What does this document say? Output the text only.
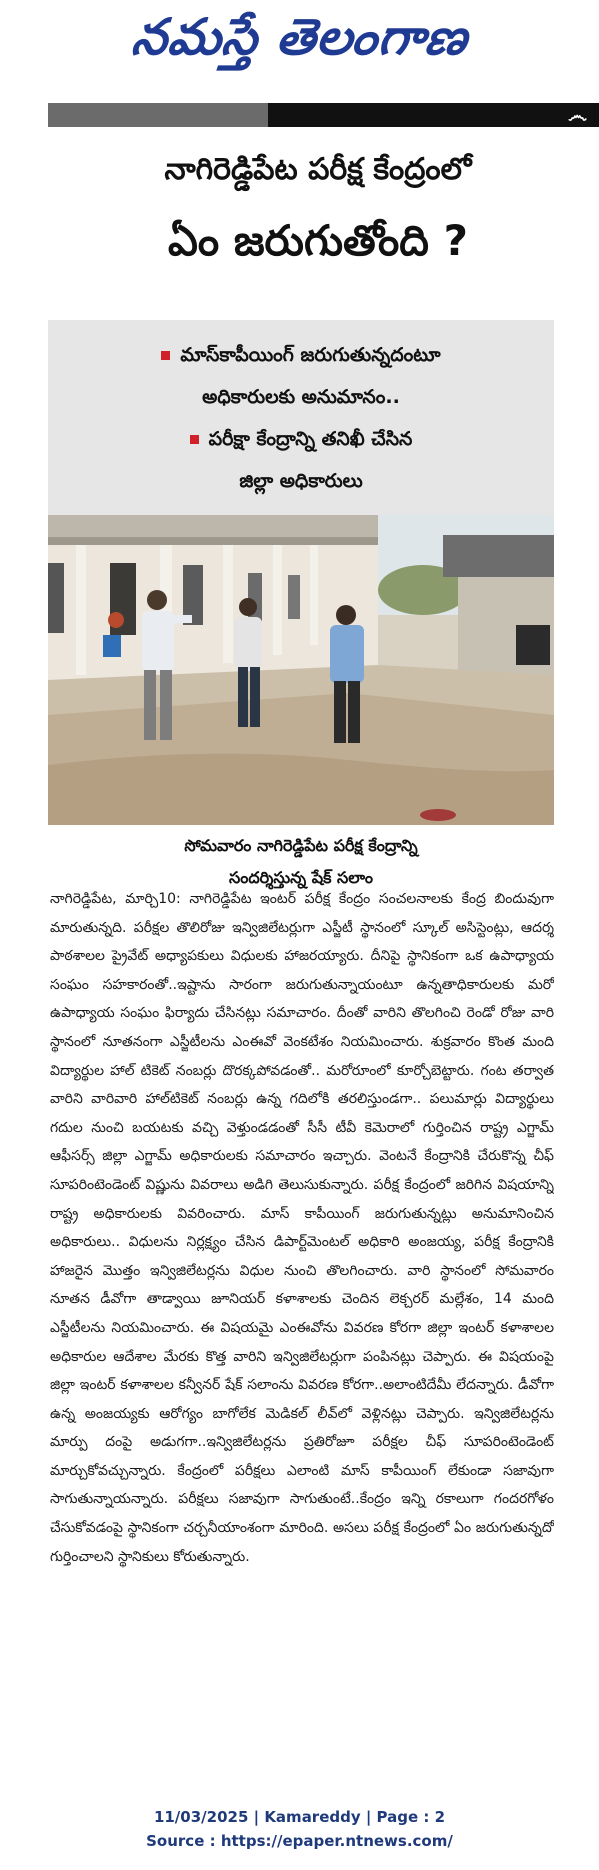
నమస్తే తెలంగాణ
෴
నాగిరెడ్డిపేట పరీక్ష కేంద్రంలో
ఏం జరుగుతోంది ?
మాస్‌కాపీయింగ్ జరుగుతున్నదంటూ
అధికారులకు అనుమానం..
పరీక్షా కేంద్రాన్ని తనిఖీ చేసిన
జిల్లా అధికారులు
సోమవారం నాగిరెడ్డిపేట పరీక్ష కేంద్రాన్ని
సందర్శిస్తున్న షేక్ సలాం
నాగిరెడ్డిపేట, మార్చి10: నాగిరెడ్డిపేట ఇంటర్ పరీక్ష కేంద్రం సంచలనాలకు కేంద్ర బిందువుగా మారుతున్నది. పరీక్షల తొలిరోజు ఇన్విజిలేటర్లుగా ఎస్జీటీ స్థానంలో స్కూల్ అసిస్టెంట్లు, ఆదర్శ పాఠశాలల ప్రైవేట్ అధ్యాపకులు విధులకు హాజరయ్యారు. దీనిపై స్థానికంగా ఒక ఉపాధ్యాయ సంఘం సహకారంతో..ఇష్టాను సారంగా జరుగుతున్నాయంటూ ఉన్నతాధికారులకు మరో ఉపాధ్యాయ సంఘం ఫిర్యాదు చేసినట్లు సమాచారం. దీంతో వారిని తొలగించి రెండో రోజు వారి స్థానంలో నూతనంగా ఎస్జీటీలను ఎంఈవో వెంకటేశం నియమించారు. శుక్రవారం కొంత మంది విద్యార్థుల హాల్ టికెట్ నంబర్లు దొరక్కపోవడంతో.. మరోరూంలో కూర్చోబెట్టారు. గంట తర్వాత వారిని వారివారి హాల్‌టికెట్ నంబర్లు ఉన్న గదిలోకి తరలిస్తుండగా.. పలుమార్లు విద్యార్థులు గదుల నుంచి బయటకు వచ్చి వెళ్తుండడంతో సీసీ టీవీ కెమెరాలో గుర్తించిన రాష్ట్ర ఎగ్జామ్ ఆఫీసర్స్ జిల్లా ఎగ్జామ్ అధికారులకు సమాచారం ఇచ్చారు. వెంటనే కేంద్రానికి చేరుకొన్న చీఫ్ సూపరింటెండెంట్ విష్ణును వివరాలు అడిగి తెలుసుకున్నారు. పరీక్ష కేంద్రంలో జరిగిన విషయాన్ని రాష్ట్ర అధికారులకు వివరించారు. మాస్ కాపీయింగ్ జరుగుతున్నట్లు అనుమానించిన అధికారులు.. విధులను నిర్లక్ష్యం చేసిన డిపార్ట్‌మెంటల్ అధికారి అంజయ్య, పరీక్ష కేంద్రానికి హాజరైన మొత్తం ఇన్విజిలేటర్లను విధుల నుంచి తొలగించారు. వారి స్థానంలో సోమవారం నూతన డీవోగా తాడ్వాయి జూనియర్ కళాశాలకు చెందిన లెక్చరర్ మల్లేశం, 14 మంది ఎస్జీటీలను నియమించారు. ఈ విషయమై ఎంఈవోను వివరణ కోరగా జిల్లా ఇంటర్ కళాశాలల అధికారుల ఆదేశాల మేరకు కొత్త వారిని ఇన్విజిలేటర్లుగా పంపినట్లు చెప్పారు. ఈ విషయంపై జిల్లా ఇంటర్ కళాశాలల కన్వీనర్ షేక్ సలాంను వివరణ కోరగా..అలాంటిదేమీ లేదన్నారు. డీవోగా ఉన్న అంజయ్యకు ఆరోగ్యం బాగోలేక మెడికల్ లీవ్‌లో వెళ్లినట్లు చెప్పారు. ఇన్విజిలేటర్లను మార్పు దంపై అడుగగా..ఇన్విజిలేటర్లను ప్రతిరోజూ పరీక్షల చీఫ్ సూపరింటెండెంట్ మార్చుకోవచ్చున్నారు. కేంద్రంలో పరీక్షలు ఎలాంటి మాస్ కాపీయింగ్ లేకుండా సజావుగా సాగుతున్నాయన్నారు. పరీక్షలు సజావుగా సాగుతుంటే..కేంద్రం ఇన్ని రకాలుగా గందరగోళం చేసుకోవడంపై స్థానికంగా చర్చనీయాంశంగా మారింది. అసలు పరీక్ష కేంద్రంలో ఏం జరుగుతున్నదో గుర్తించాలని స్థానికులు కోరుతున్నారు.
11/03/2025 | Kamareddy | Page : 2
Source : https://epaper.ntnews.com/
